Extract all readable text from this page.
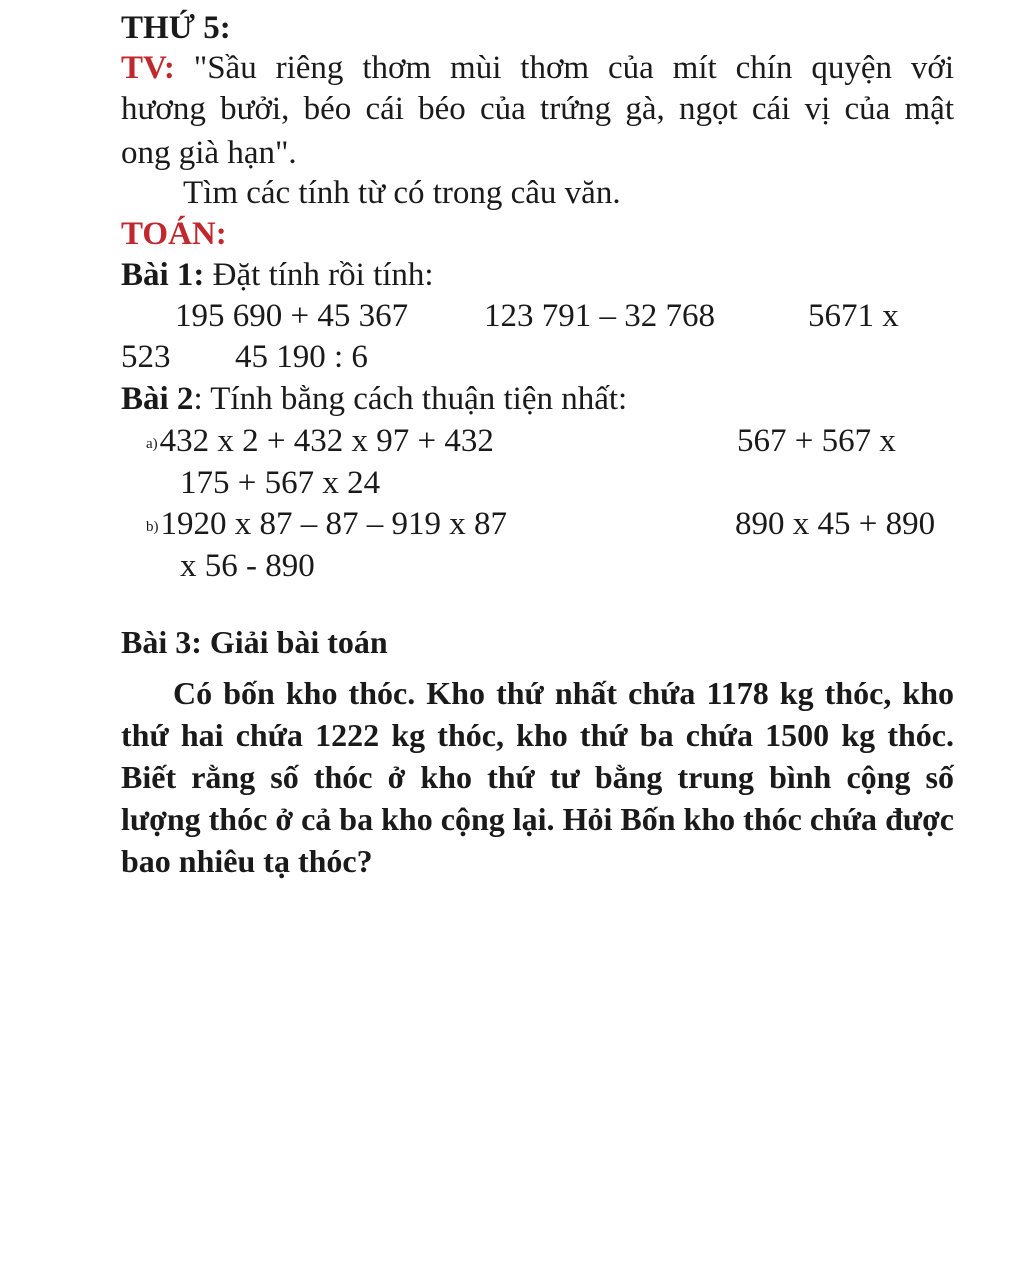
THỨ 5:
TV: "Sầu riêng thơm mùi thơm của mít chín quyện với
hương bưởi, béo cái béo của trứng gà, ngọt cái vị của mật
ong già hạn".
Tìm các tính từ có trong câu văn.
TOÁN:
Bài 1: Đặt tính rồi tính:
195 690 + 45 367 123 791 – 32 768	5671 x
523 45 190 : 6
Bài 2: Tính bằng cách thuận tiện nhất:
a)432 x 2 + 432 x 97 + 432	567 + 567 x
175 + 567 x 24
b)1920 x 87 – 87 – 919 x 87	890 x 45 + 890
x 56 - 890
Bài 3: Giải bài toán
Có bốn kho thóc. Kho thứ nhất chứa 1178 kg thóc, kho thứ hai chứa 1222 kg thóc, kho thứ ba chứa 1500 kg thóc. Biết rằng số thóc ở kho thứ tư bằng trung bình cộng số lượng thóc ở cả ba kho cộng lại. Hỏi Bốn kho thóc chứa được bao nhiêu tạ thóc?
